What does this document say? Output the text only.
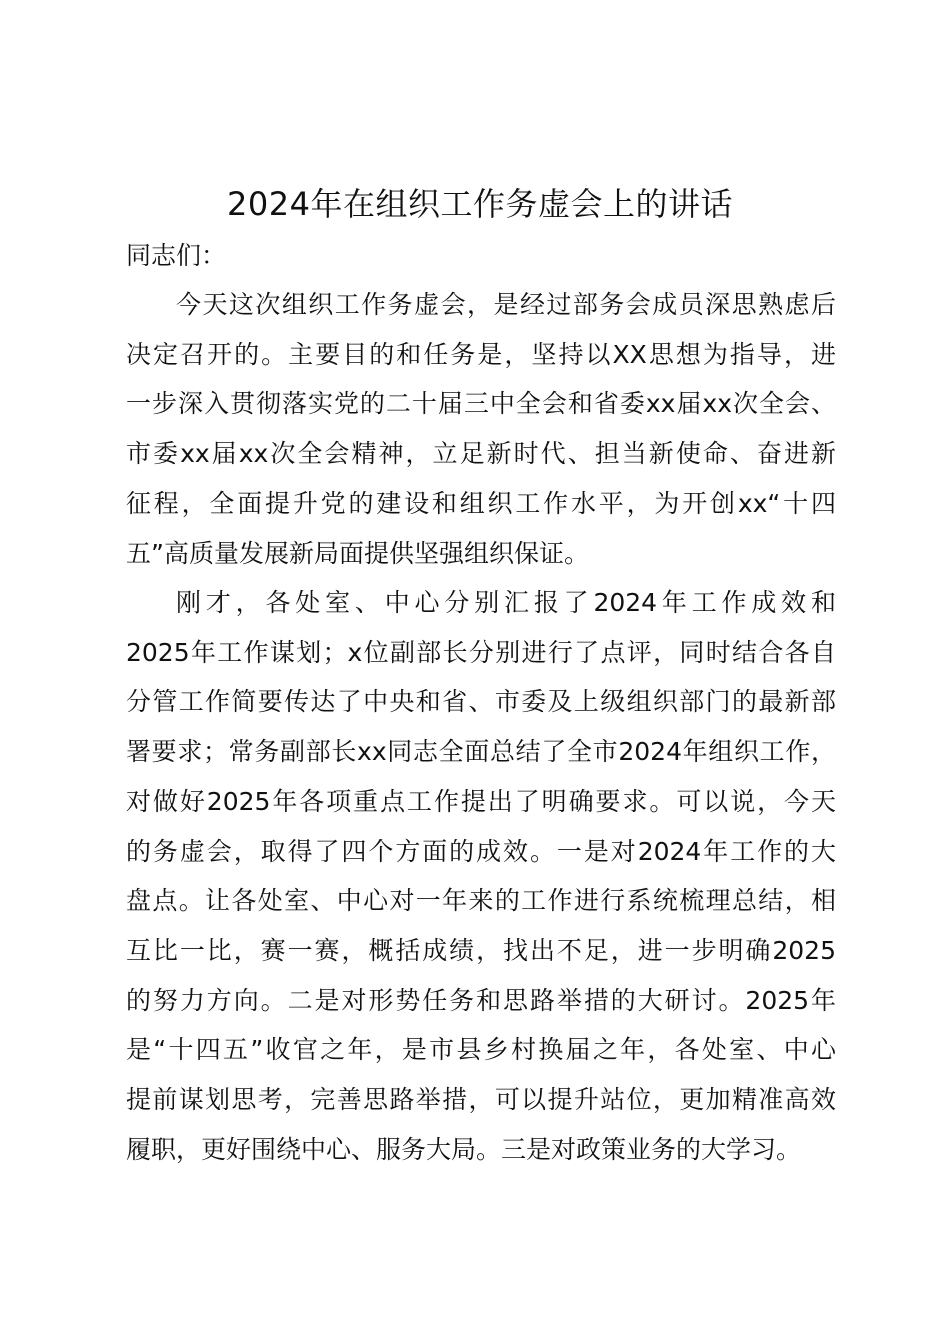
2024年在组织工作务虚会上的讲话

同志们：

今天这次组织工作务虚会，是经过部务会成员深思熟虑后
决定召开的。主要目的和任务是，坚持以XX思想为指导，进
一步深入贯彻落实党的二十届三中全会和省委xx届xx次全会、
市委xx届xx次全会精神，立足新时代、担当新使命、奋进新
征程，全面提升党的建设和组织工作水平，为开创xx“十四
五”高质量发展新局面提供坚强组织保证。
刚才，各处室、中心分别汇报了2024年工作成效和
2025年工作谋划；x位副部长分别进行了点评，同时结合各自
分管工作简要传达了中央和省、市委及上级组织部门的最新部
署要求；常务副部长xx同志全面总结了全市2024年组织工作，
对做好2025年各项重点工作提出了明确要求。可以说，今天
的务虚会，取得了四个方面的成效。一是对2024年工作的大
盘点。让各处室、中心对一年来的工作进行系统梳理总结，相
互比一比，赛一赛，概括成绩，找出不足，进一步明确2025
的努力方向。二是对形势任务和思路举措的大研讨。2025年
是“十四五”收官之年，是市县乡村换届之年，各处室、中心
提前谋划思考，完善思路举措，可以提升站位，更加精准高效
履职，更好围绕中心、服务大局。三是对政策业务的大学习。
